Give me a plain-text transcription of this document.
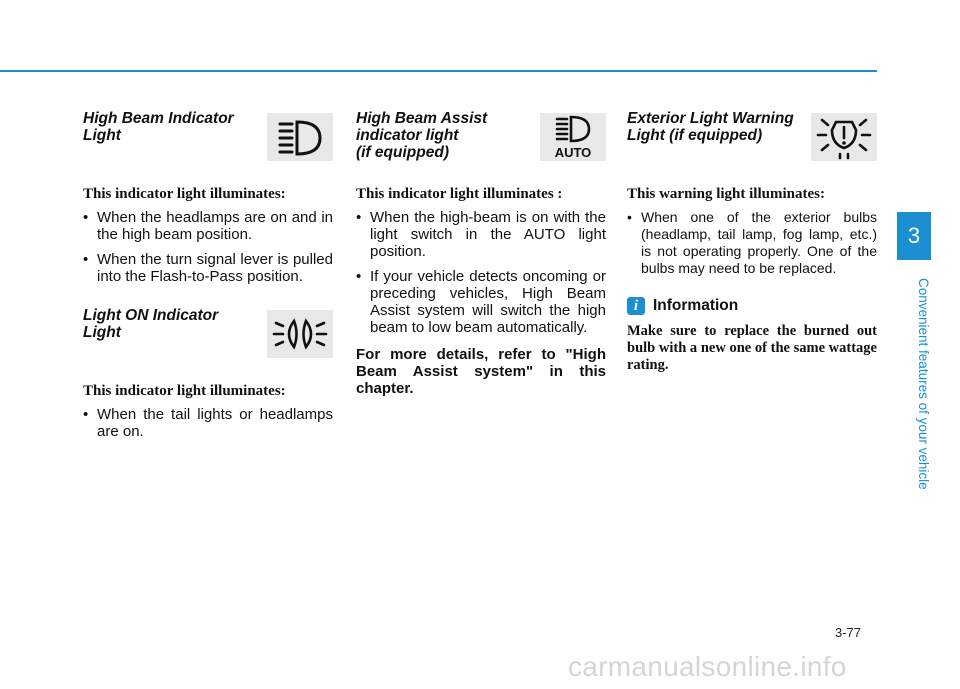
High Beam Indicator
Light

This indicator light illuminates:

• When the headlamps are on and in the high beam position.
• When the turn signal lever is pulled into the Flash-to-Pass position.

Light ON Indicator
Light

This indicator light illuminates:

• When the tail lights or headlamps are on.

High Beam Assist
indicator light
(if equipped)	AUTO

This indicator light illuminates :

• When the high-beam is on with the light switch in the AUTO light position.
• If your vehicle detects oncoming or preceding vehicles, High Beam Assist system will switch the high beam to low beam automatically.

For more details, refer to "High Beam Assist system" in this chapter.

Exterior Light Warning
Light (if equipped)

This warning light illuminates:

• When one of the exterior bulbs (headlamp, tail lamp, fog lamp, etc.) is not operating properly. One of the bulbs may need to be replaced.
i Information

Make sure to replace the burned out bulb with a new one of the same wattage rating.

3
Convenient features of your vehicle
3-77
carmanualsonline.info
